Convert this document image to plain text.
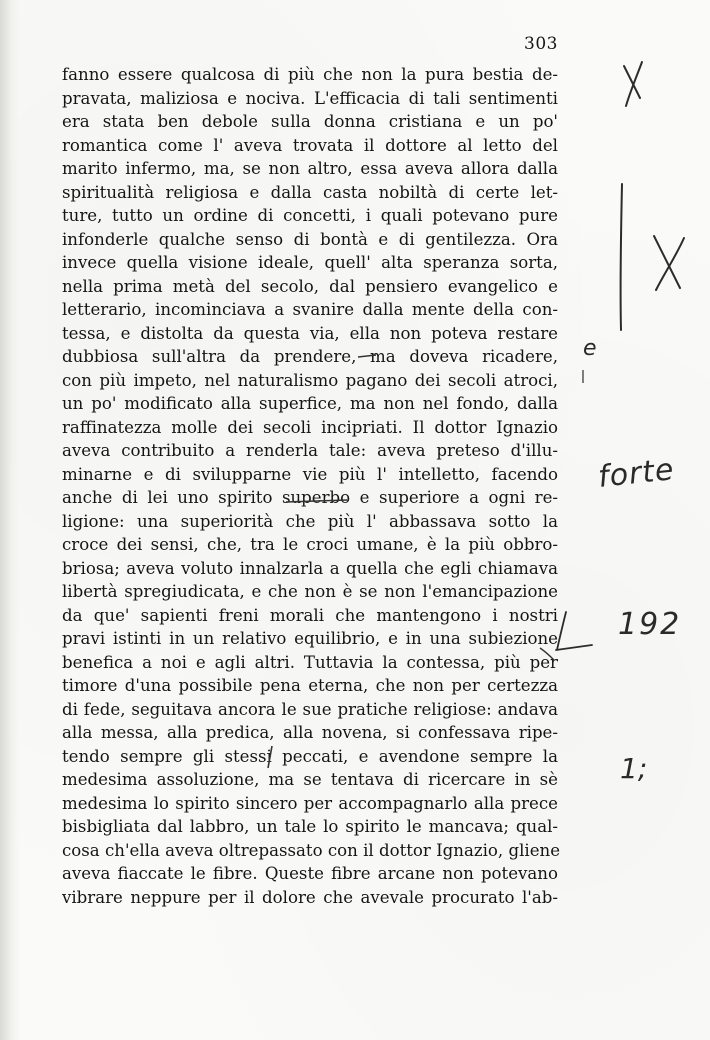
303
fanno essere qualcosa di più che non la pura bestia de-
pravata, maliziosa e nociva. L'efficacia di tali sentimenti
era stata ben debole sulla donna cristiana e un po'
romantica come l' aveva trovata il dottore al letto del
marito infermo, ma, se non altro, essa aveva allora dalla
spiritualità religiosa e dalla casta nobiltà di certe let-
ture, tutto un ordine di concetti, i quali potevano pure
infonderle qualche senso di bontà e di gentilezza. Ora
invece quella visione ideale, quell' alta speranza sorta,
nella prima metà del secolo, dal pensiero evangelico e
letterario, incominciava a svanire dalla mente della con-
tessa, e distolta da questa via, ella non poteva restare
dubbiosa sull'altra da prendere, ma doveva ricadere,
con più impeto, nel naturalismo pagano dei secoli atroci,
un po' modificato alla superfice, ma non nel fondo, dalla
raffinatezza molle dei secoli incipriati. Il dottor Ignazio
aveva contribuito a renderla tale: aveva preteso d'illu-
minarne e di svilupparne vie più l' intelletto, facendo
anche di lei uno spirito superbo e superiore a ogni re-
ligione: una superiorità che più l' abbassava sotto la
croce dei sensi, che, tra le croci umane, è la più obbro-
briosa; aveva voluto innalzarla a quella che egli chiamava
libertà spregiudicata, e che non è se non l'emancipazione
da que' sapienti freni morali che mantengono i nostri
pravi istinti in un relativo equilibrio, e in una subiezione
benefica a noi e agli altri. Tuttavia la contessa, più per
timore d'una possibile pena eterna, che non per certezza
di fede, seguitava ancora le sue pratiche religiose: andava
alla messa, alla predica, alla novena, si confessava ripe-
tendo sempre gli stessi peccati, e avendone sempre la
medesima assoluzione, ma se tentava di ricercare in sè
medesima lo spirito sincero per accompagnarlo alla prece
bisbigliata dal labbro, un tale lo spirito le mancava; qual-
cosa ch'ella aveva oltrepassato con il dottor Ignazio, gliene
aveva fiaccate le fibre. Queste fibre arcane non potevano
vibrare neppure per il dolore che avevale procurato l'ab-
e
forte
192
1;
